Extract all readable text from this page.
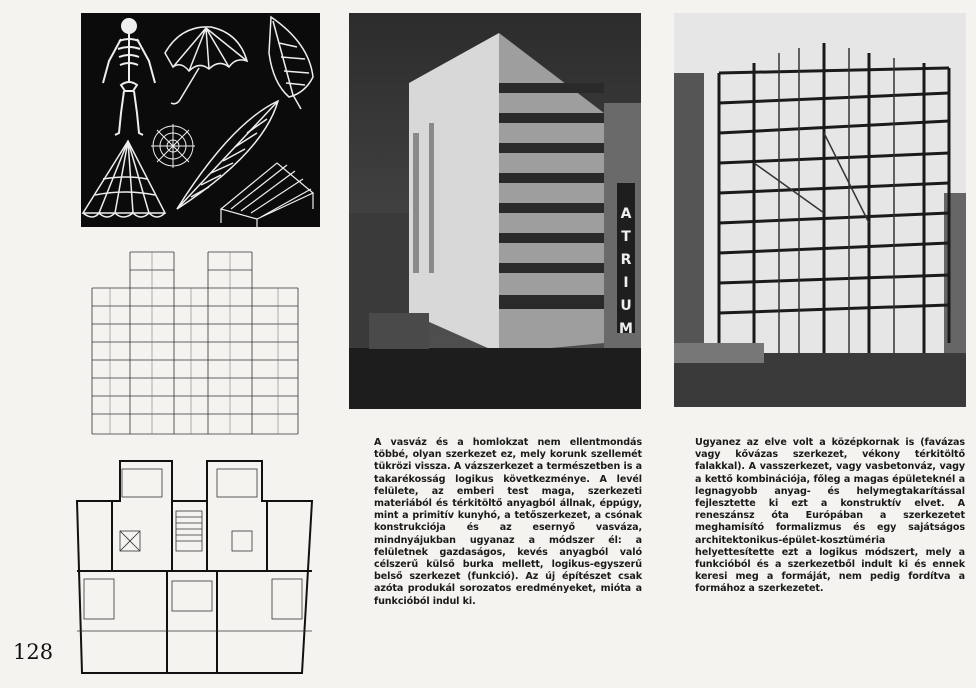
A
T
R
I
U
M

A vasváz és a homlokzat nem ellentmondás többé, olyan szerkezet ez, mely korunk szellemét tükrözi vissza. A vázszerkezet a természetben is a takarékosság logikus következménye. A levél felülete, az emberi test maga, szerkezeti materiából és térkitöltő anyagból állnak, éppúgy, mint a primitív kunyhó, a tetőszerkezet, a csónak konstrukciója és az esernyő vasváza, mindnyájukban ugyanaz a módszer él: a felületnek gazdaságos, kevés anyagból való célszerű külső burka mellett, logikus-egyszerű belső szerkezet (funkció). Az új építészet csak azóta produkál sorozatos eredményeket, mióta a funkcióból indul ki.

Ugyanez az elve volt a középkornak is (favázas vagy kővázas szerkezet, vékony térkitöltő falakkal). A vasszerkezet, vagy vasbetonváz, vagy a kettő kombinációja, főleg a magas épületeknél a legnagyobb anyag- és helymegtakarítással fejlesztette ki ezt a konstruktív elvet. A reneszánsz óta Európában a szerkezetet meghamisító formalizmus és egy sajátságos architektonikus-épület-kosztüméria helyettesítette ezt a logikus módszert, mely a funkcióból és a szerkezetből indult ki és ennek keresi meg a formáját, nem pedig fordítva a formához a szerkezetet.

128
